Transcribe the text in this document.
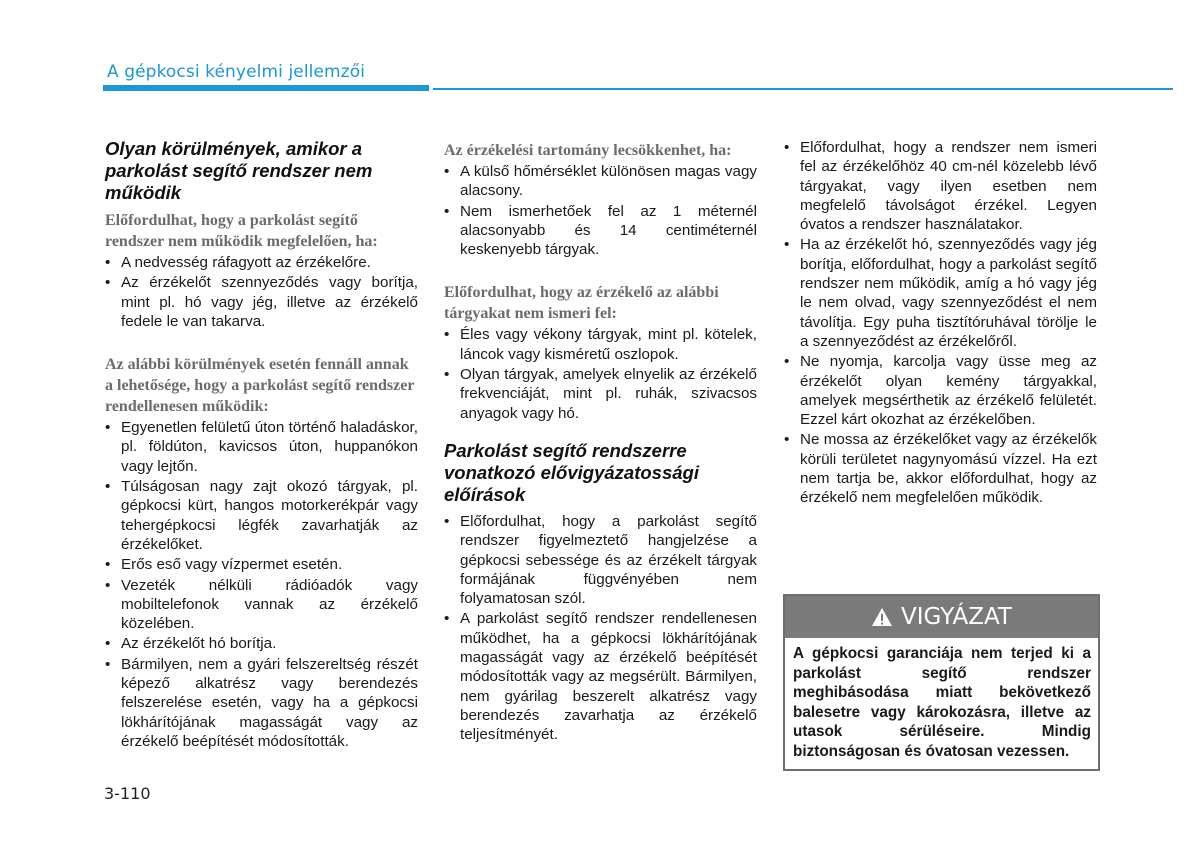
A gépkocsi kényelmi jellemzői
Olyan körülmények, amikor a parkolást segítő rendszer nem működik
Előfordulhat, hogy a parkolást segítő rendszer nem működik megfelelően, ha:
• A nedvesség ráfagyott az érzékelőre.
• Az érzékelőt szennyeződés vagy borítja, mint pl. hó vagy jég, illetve az érzékelő fedele le van takarva.
Az alábbi körülmények esetén fennáll annak a lehetősége, hogy a parkolást segítő rendszer rendellenesen működik:
• Egyenetlen felületű úton történő haladáskor, pl. földúton, kavicsos úton, huppanókon vagy lejtőn.
• Túlságosan nagy zajt okozó tárgyak, pl. gépkocsi kürt, hangos motorkerékpár vagy tehergépkocsi légfék zavarhatják az érzékelőket.
• Erős eső vagy vízpermet esetén.
• Vezeték nélküli rádióadók vagy mobiltelefonok vannak az érzékelő közelében.
• Az érzékelőt hó borítja.
• Bármilyen, nem a gyári felszereltség részét képező alkatrész vagy berendezés felszerelése esetén, vagy ha a gépkocsi lökhárítójának magasságát vagy az érzékelő beépítését módosították.
Az érzékelési tartomány lecsökkenhet, ha:
• A külső hőmérséklet különösen magas vagy alacsony.
• Nem ismerhetőek fel az 1 méternél alacsonyabb és 14 centiméternél keskenyebb tárgyak.
Előfordulhat, hogy az érzékelő az alábbi tárgyakat nem ismeri fel:
• Éles vagy vékony tárgyak, mint pl. kötelek, láncok vagy kisméretű oszlopok.
• Olyan tárgyak, amelyek elnyelik az érzékelő frekvenciáját, mint pl. ruhák, szivacsos anyagok vagy hó.
Parkolást segítő rendszerre vonatkozó elővigyázatossági előírások
• Előfordulhat, hogy a parkolást segítő rendszer figyelmeztető hangjelzése a gépkocsi sebessége és az érzékelt tárgyak formájának függvényében nem folyamatosan szól.
• A parkolást segítő rendszer rendellenesen működhet, ha a gépkocsi lökhárítójának magasságát vagy az érzékelő beépítését módosították vagy az megsérült. Bármilyen, nem gyárilag beszerelt alkatrész vagy berendezés zavarhatja az érzékelő teljesítményét.
• Előfordulhat, hogy a rendszer nem ismeri fel az érzékelőhöz 40 cm-nél közelebb lévő tárgyakat, vagy ilyen esetben nem megfelelő távolságot érzékel. Legyen óvatos a rendszer használatakor.
• Ha az érzékelőt hó, szennyeződés vagy jég borítja, előfordulhat, hogy a parkolást segítő rendszer nem működik, amíg a hó vagy jég le nem olvad, vagy szennyeződést el nem távolítja. Egy puha tisztítóruhával törölje le a szennyeződést az érzékelőről.
• Ne nyomja, karcolja vagy üsse meg az érzékelőt olyan kemény tárgyakkal, amelyek megsérthetik az érzékelő felületét. Ezzel kárt okozhat az érzékelőben.
• Ne mossa az érzékelőket vagy az érzékelők körüli területet nagynyomású vízzel. Ha ezt nem tartja be, akkor előfordulhat, hogy az érzékelő nem megfelelően működik.
VIGYÁZAT
A gépkocsi garanciája nem terjed ki a parkolást segítő rendszer meghibásodása miatt bekövetkező balesetre vagy károkozásra, illetve az utasok sérüléseire. Mindig biztonságosan és óvatosan vezessen.
3-110
